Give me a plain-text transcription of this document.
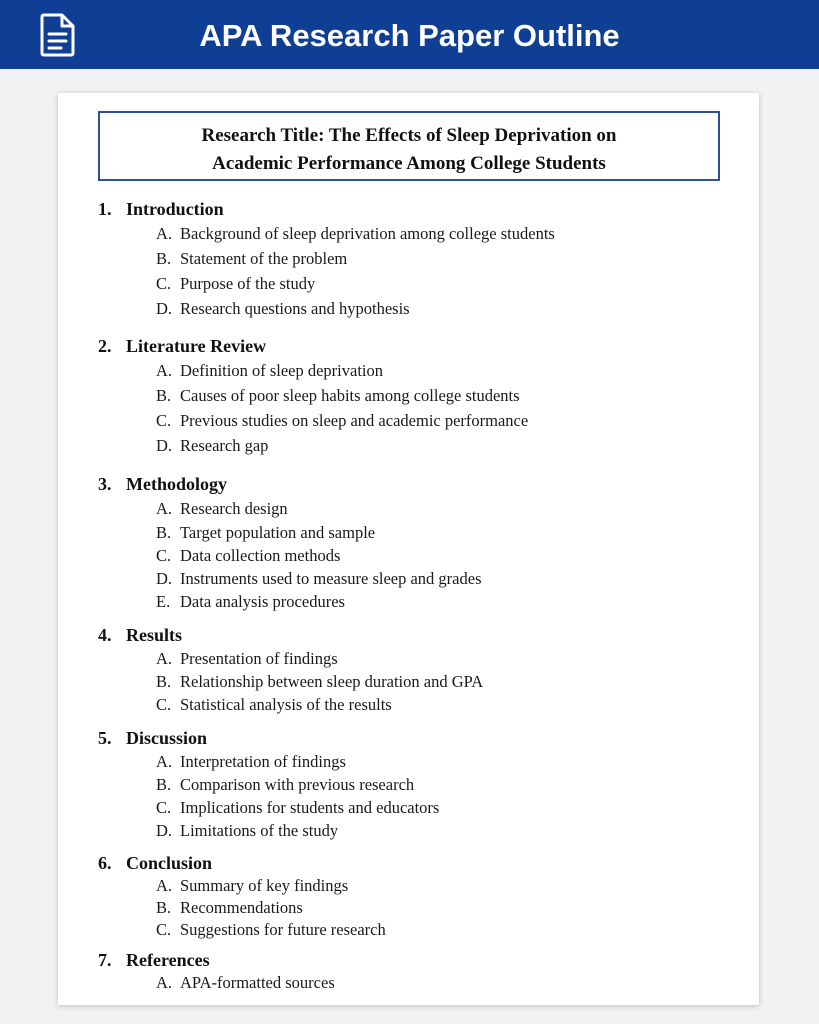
APA Research Paper Outline
Research Title: The Effects of Sleep Deprivation on
Academic Performance Among College Students
1. Introduction
A. Background of sleep deprivation among college students
B. Statement of the problem
C. Purpose of the study
D. Research questions and hypothesis
2. Literature Review
A. Definition of sleep deprivation
B. Causes of poor sleep habits among college students
C. Previous studies on sleep and academic performance
D. Research gap
3. Methodology
A. Research design
B. Target population and sample
C. Data collection methods
D. Instruments used to measure sleep and grades
E. Data analysis procedures
4. Results
A. Presentation of findings
B. Relationship between sleep duration and GPA
C. Statistical analysis of the results
5. Discussion
A. Interpretation of findings
B. Comparison with previous research
C. Implications for students and educators
D. Limitations of the study
6. Conclusion
A. Summary of key findings
B. Recommendations
C. Suggestions for future research
7. References
A. APA-formatted sources
